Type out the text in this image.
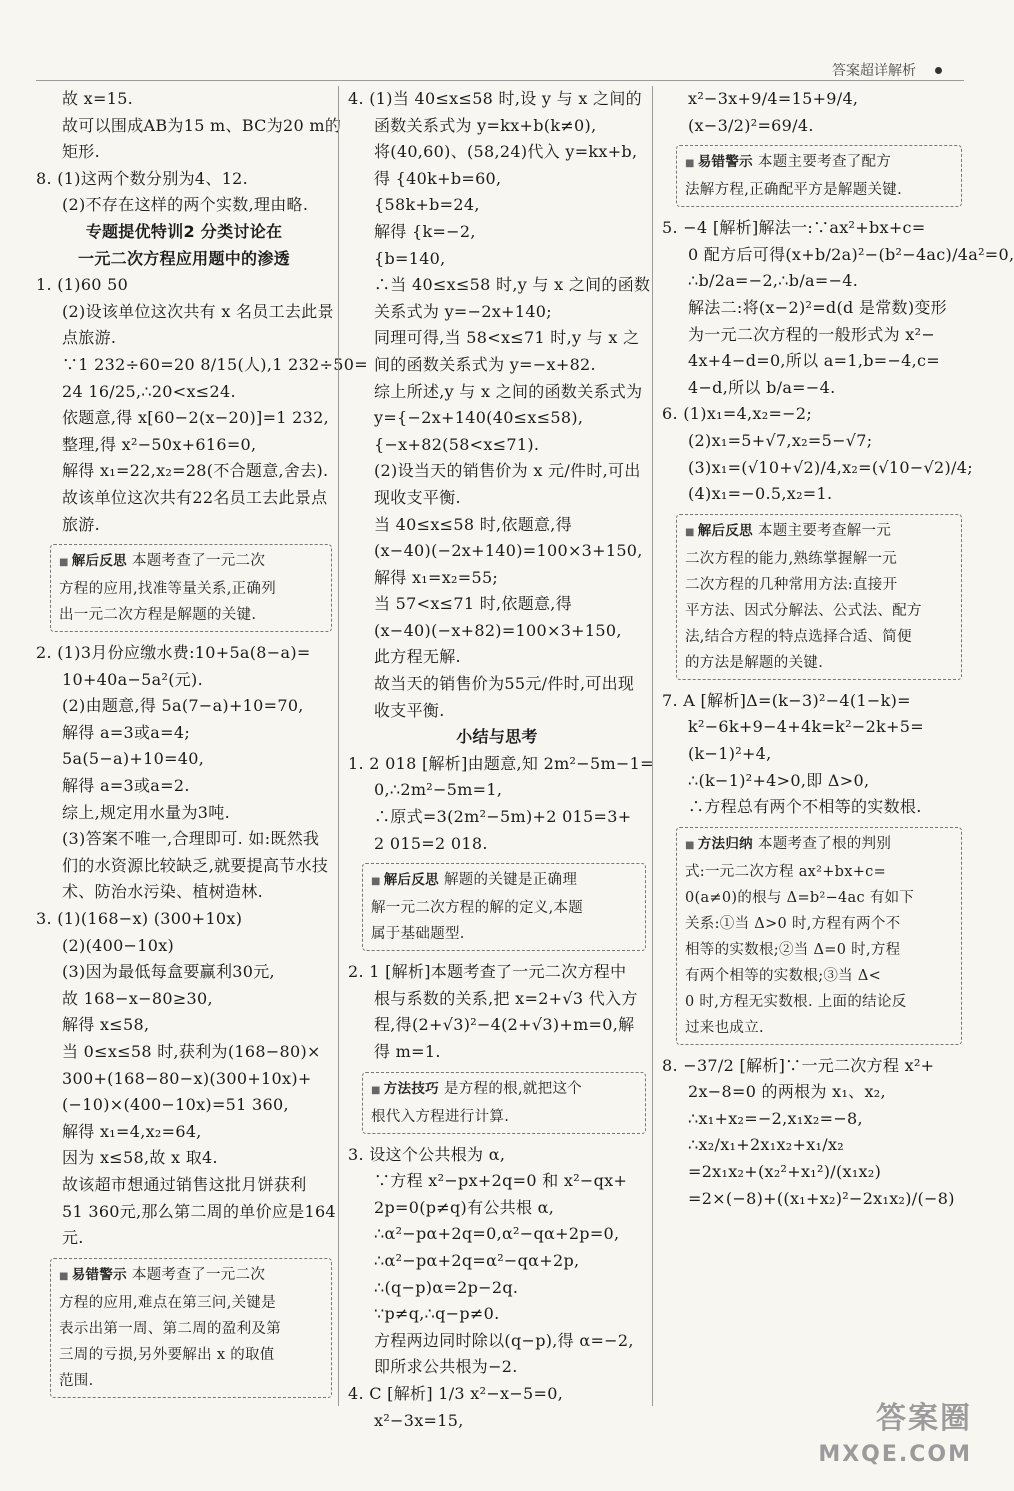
答案超详解析
故 x=15.
故可以围成AB为15 m、BC为20 m的
矩形.
8. (1)这两个数分别为4、12.
(2)不存在这样的两个实数,理由略.
专题提优特训2 分类讨论在
一元二次方程应用题中的渗透
1. (1)60 50
(2)设该单位这次共有 x 名员工去此景
点旅游.
∵1 232÷60=20 8/15(人),1 232÷50=
24 16/25,∴20<x≤24.
依题意,得 x[60−2(x−20)]=1 232,
整理,得 x²−50x+616=0,
解得 x₁=22,x₂=28(不合题意,舍去).
故该单位这次共有22名员工去此景点
旅游.
■ 解后反思 本题考查了一元二次
方程的应用,找准等量关系,正确列
出一元二次方程是解题的关键.
2. (1)3月份应缴水费:10+5a(8−a)=
10+40a−5a²(元).
(2)由题意,得 5a(7−a)+10=70,
解得 a=3或a=4;
5a(5−a)+10=40,
解得 a=3或a=2.
综上,规定用水量为3吨.
(3)答案不唯一,合理即可. 如:既然我
们的水资源比较缺乏,就要提高节水技
术、防治水污染、植树造林.
3. (1)(168−x) (300+10x)
(2)(400−10x)
(3)因为最低每盒要赢利30元,
故 168−x−80≥30,
解得 x≤58,
当 0≤x≤58 时,获利为(168−80)×
300+(168−80−x)(300+10x)+
(−10)×(400−10x)=51 360,
解得 x₁=4,x₂=64,
因为 x≤58,故 x 取4.
故该超市想通过销售这批月饼获利
51 360元,那么第二周的单价应是164
元.
■ 易错警示 本题考查了一元二次
方程的应用,难点在第三问,关键是
表示出第一周、第二周的盈利及第
三周的亏损,另外要解出 x 的取值
范围.
4. (1)当 40≤x≤58 时,设 y 与 x 之间的
函数关系式为 y=kx+b(k≠0),
将(40,60)、(58,24)代入 y=kx+b,
得 {40k+b=60,
{58k+b=24,
解得 {k=−2,
{b=140,
∴当 40≤x≤58 时,y 与 x 之间的函数
关系式为 y=−2x+140;
同理可得,当 58<x≤71 时,y 与 x 之
间的函数关系式为 y=−x+82.
综上所述,y 与 x 之间的函数关系式为
y={−2x+140(40≤x≤58),
{−x+82(58<x≤71).
(2)设当天的销售价为 x 元/件时,可出
现收支平衡.
当 40≤x≤58 时,依题意,得
(x−40)(−2x+140)=100×3+150,
解得 x₁=x₂=55;
当 57<x≤71 时,依题意,得
(x−40)(−x+82)=100×3+150,
此方程无解.
故当天的销售价为55元/件时,可出现
收支平衡.
小结与思考
1. 2 018 [解析]由题意,知 2m²−5m−1=
0,∴2m²−5m=1,
∴原式=3(2m²−5m)+2 015=3+
2 015=2 018.
■ 解后反思 解题的关键是正确理
解一元二次方程的解的定义,本题
属于基础题型.
2. 1 [解析]本题考查了一元二次方程中
根与系数的关系,把 x=2+√3 代入方
程,得(2+√3)²−4(2+√3)+m=0,解
得 m=1.
■ 方法技巧 是方程的根,就把这个
根代入方程进行计算.
3. 设这个公共根为 α,
∵方程 x²−px+2q=0 和 x²−qx+
2p=0(p≠q)有公共根 α,
∴α²−pα+2q=0,α²−qα+2p=0,
∴α²−pα+2q=α²−qα+2p,
∴(q−p)α=2p−2q.
∵p≠q,∴q−p≠0.
方程两边同时除以(q−p),得 α=−2,
即所求公共根为−2.
4. C [解析] 1/3 x²−x−5=0,
x²−3x=15,
x²−3x+9/4=15+9/4,
(x−3/2)²=69/4.
■ 易错警示 本题主要考查了配方
法解方程,正确配平方是解题关键.
5. −4 [解析]解法一:∵ax²+bx+c=
0 配方后可得(x+b/2a)²−(b²−4ac)/4a²=0,
∴b/2a=−2,∴b/a=−4.
解法二:将(x−2)²=d(d 是常数)变形
为一元二次方程的一般形式为 x²−
4x+4−d=0,所以 a=1,b=−4,c=
4−d,所以 b/a=−4.
6. (1)x₁=4,x₂=−2;
(2)x₁=5+√7,x₂=5−√7;
(3)x₁=(√10+√2)/4,x₂=(√10−√2)/4;
(4)x₁=−0.5,x₂=1.
■ 解后反思 本题主要考查解一元
二次方程的能力,熟练掌握解一元
二次方程的几种常用方法:直接开
平方法、因式分解法、公式法、配方
法,结合方程的特点选择合适、简便
的方法是解题的关键.
7. A [解析]Δ=(k−3)²−4(1−k)=
k²−6k+9−4+4k=k²−2k+5=
(k−1)²+4,
∴(k−1)²+4>0,即 Δ>0,
∴方程总有两个不相等的实数根.
■ 方法归纳 本题考查了根的判别
式:一元二次方程 ax²+bx+c=
0(a≠0)的根与 Δ=b²−4ac 有如下
关系:①当 Δ>0 时,方程有两个不
相等的实数根;②当 Δ=0 时,方程
有两个相等的实数根;③当 Δ<
0 时,方程无实数根. 上面的结论反
过来也成立.
8. −37/2 [解析]∵一元二次方程 x²+
2x−8=0 的两根为 x₁、x₂,
∴x₁+x₂=−2,x₁x₂=−8,
∴x₂/x₁+2x₁x₂+x₁/x₂
=2x₁x₂+(x₂²+x₁²)/(x₁x₂)
=2×(−8)+((x₁+x₂)²−2x₁x₂)/(−8)
答案圈
MXQE.COM
